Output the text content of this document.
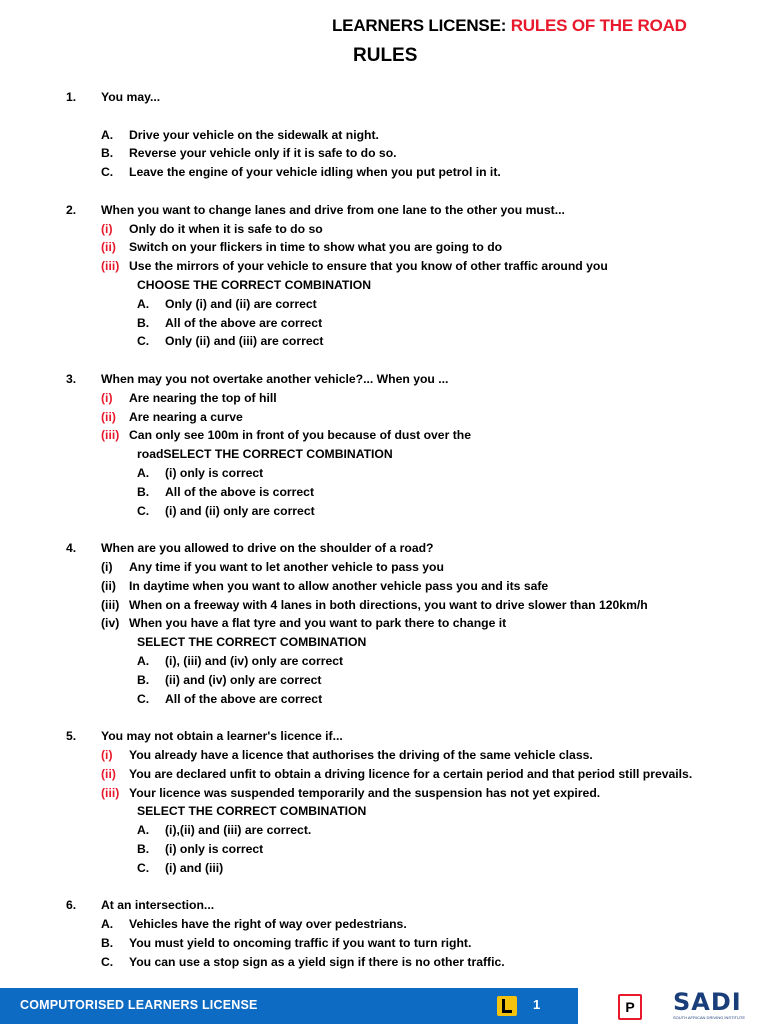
LEARNERS LICENSE: RULES OF THE ROAD
RULES
1. You may...
A. Drive your vehicle on the sidewalk at night.
B. Reverse your vehicle only if it is safe to do so.
C. Leave the engine of your vehicle idling when you put petrol in it.
2. When you want to change lanes and drive from one lane to the other you must...
(i) Only do it when it is safe to do so
(ii) Switch on your flickers in time to show what you are going to do
(iii) Use the mirrors of your vehicle to ensure that you know of other traffic around you
CHOOSE THE CORRECT COMBINATION
A. Only (i) and (ii) are correct
B. All of the above are correct
C. Only (ii) and (iii) are correct
3. When may you not overtake another vehicle?... When you ...
(i) Are nearing the top of hill
(ii) Are nearing a curve
(iii) Can only see 100m in front of you because of dust over the
roadSELECT THE CORRECT COMBINATION
A. (i) only is correct
B. All of the above is correct
C. (i) and (ii) only are correct
4. When are you allowed to drive on the shoulder of a road?
(i) Any time if you want to let another vehicle to pass you
(ii) In daytime when you want to allow another vehicle pass you and its safe
(iii) When on a freeway with 4 lanes in both directions, you want to drive slower than 120km/h
(iv) When you have a flat tyre and you want to park there to change it
SELECT THE CORRECT COMBINATION
A. (i), (iii) and (iv) only are correct
B. (ii) and (iv) only are correct
C. All of the above are correct
5. You may not obtain a learner's licence if...
(i) You already have a licence that authorises the driving of the same vehicle class.
(ii) You are declared unfit to obtain a driving licence for a certain period and that period still prevails.
(iii) Your licence was suspended temporarily and the suspension has not yet expired.
SELECT THE CORRECT COMBINATION
A. (i),(ii) and (iii) are correct.
B. (i) only is correct
C. (i) and (iii)
6. At an intersection...
A. Vehicles have the right of way over pedestrians.
B. You must yield to oncoming traffic if you want to turn right.
C. You can use a stop sign as a yield sign if there is no other traffic.
COMPUTORISED LEARNERS LICENSE	1	P	SADI
SOUTH AFRICAN DRIVING INSTITUTE
